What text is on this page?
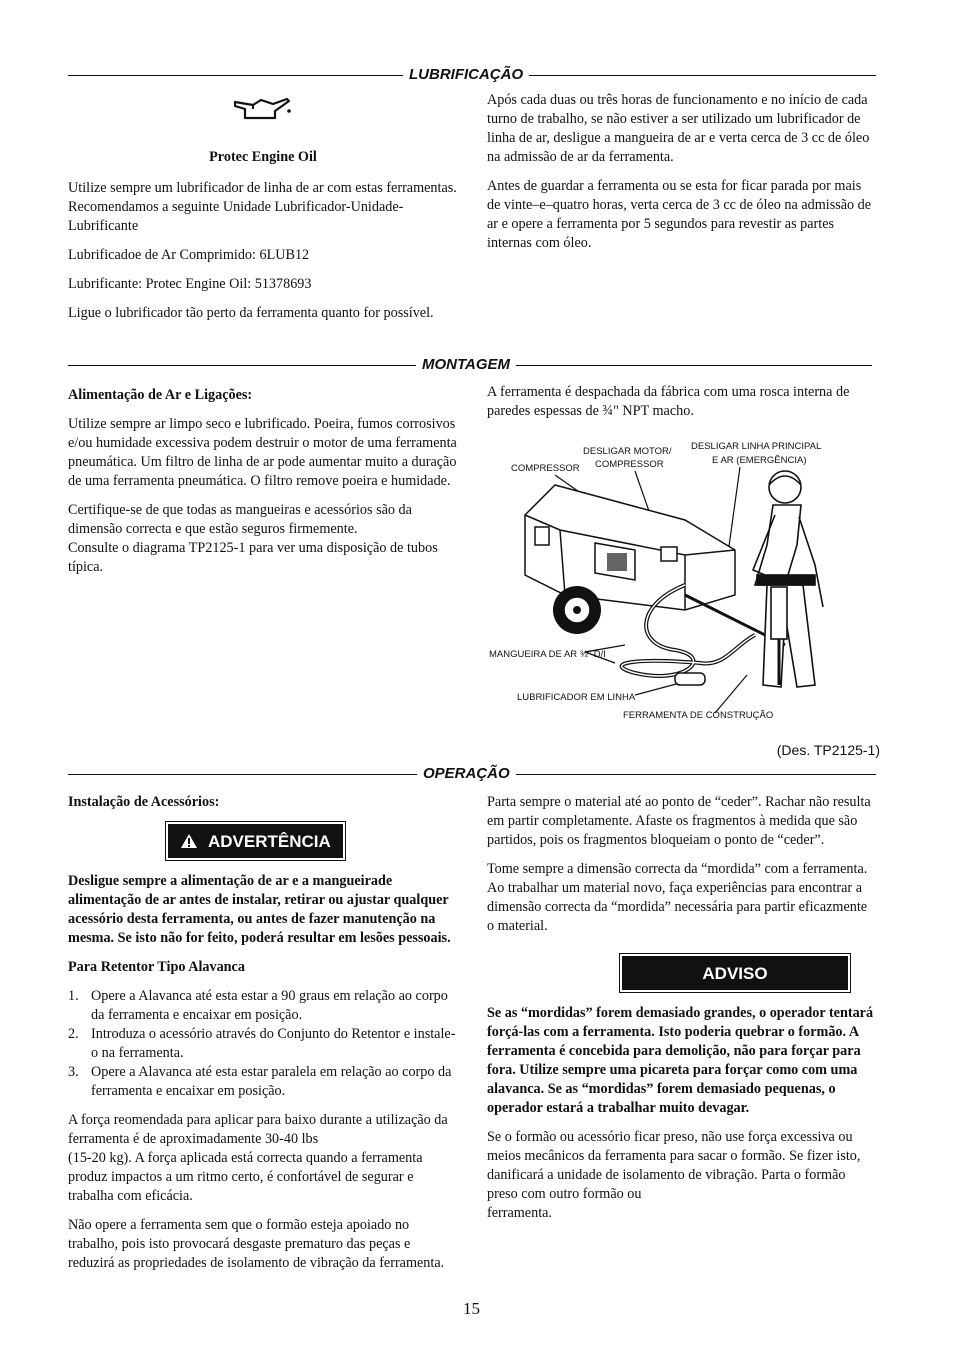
LUBRIFICAÇÃO

Protec Engine Oil

Utilize sempre um lubrificador de linha de ar com estas ferramentas. Recomendamos a seguinte Unidade Lubrificador-Unidade-Lubrificante

Lubrificadoe de Ar Comprimido: 6LUB12

Lubrificante: Protec Engine Oil: 51378693

Ligue o lubrificador tão perto da ferramenta quanto for possível.

Após cada duas ou três horas de funcionamento e no início de cada turno de trabalho, se não estiver a ser utilizado um lubrificador de linha de ar, desligue a mangueira de ar e verta cerca de 3 cc de óleo na admissão de ar da ferramenta.

Antes de guardar a ferramenta ou se esta for ficar parada por mais de vinte–e–quatro horas, verta cerca de 3 cc de óleo na admissão de ar e opere a ferramenta por 5 segundos para revestir as partes internas com óleo.

MONTAGEM

Alimentação de Ar e Ligações:

Utilize sempre ar limpo seco e lubrificado. Poeira, fumos corrosivos e/ou humidade excessiva podem destruir o motor de uma ferramenta pneumática. Um filtro de linha de ar pode aumentar muito a duração de uma ferramenta pneumática. O filtro remove poeira e humidade.

Certifique-se de que todas as mangueiras e acessórios são da dimensão correcta e que estão seguros firmemente.

Consulte o diagrama TP2125-1 para ver uma disposição de tubos típica.

A ferramenta é despachada da fábrica com uma rosca interna de paredes espessas de ¾" NPT macho.

COMPRESSOR
DESLIGAR MOTOR/
COMPRESSOR
DESLIGAR LINHA PRINCIPAL
E AR (EMERGÊNCIA)
MANGUEIRA DE AR ¾" D/I
LUBRIFICADOR EM LINHA
FERRAMENTA DE CONSTRUÇÃO
(Des. TP2125-1)
OPERAÇÃO

Instalação de Acessórios:

ADVERTÊNCIA

Desligue sempre a alimentação de ar e a mangueirade alimentação de ar antes de instalar, retirar ou ajustar qualquer acessório desta ferramenta, ou antes de fazer manutenção na mesma. Se isto não for feito, poderá resultar em lesões pessoais.

Para Retentor Tipo Alavanca

1. Opere a Alavanca até esta estar a 90 graus em relação ao corpo da ferramenta e encaixar em posição.
2. Introduza o acessório através do Conjunto do Retentor e instale-o na ferramenta.
3. Opere a Alavanca até esta estar paralela em relação ao corpo da ferramenta e encaixar em posição.

A força reomendada para aplicar para baixo durante a utilização da ferramenta é de aproximadamente 30-40 lbs

(15-20 kg). A força aplicada está correcta quando a ferramenta produz impactos a um ritmo certo, é confortável de segurar e trabalha com eficácia.

Não opere a ferramenta sem que o formão esteja apoiado no trabalho, pois isto provocará desgaste prematuro das peças e reduzirá as propriedades de isolamento de vibração da ferramenta.

Parta sempre o material até ao ponto de “ceder”. Rachar não resulta em partir completamente. Afaste os fragmentos à medida que são partidos, pois os fragmentos bloqueiam o ponto de “ceder”.

Tome sempre a dimensão correcta da “mordida” com a ferramenta. Ao trabalhar um material novo, faça experiências para encontrar a dimensão correcta da “mordida” necessária para partir eficazmente o material.

ADVISO

Se as “mordidas” forem demasiado grandes, o operador tentará forçá-las com a ferramenta. Isto poderia quebrar o formão. A ferramenta é concebida para demolição, não para forçar para fora. Utilize sempre uma picareta para forçar como com uma alavanca. Se as “mordidas” forem demasiado pequenas, o operador estará a trabalhar muito devagar.

Se o formão ou acessório ficar preso, não use força excessiva ou meios mecânicos da ferramenta para sacar o formão. Se fizer isto, danificará a unidade de isolamento de vibração. Parta o formão preso com outro formão ou

ferramenta.

15
